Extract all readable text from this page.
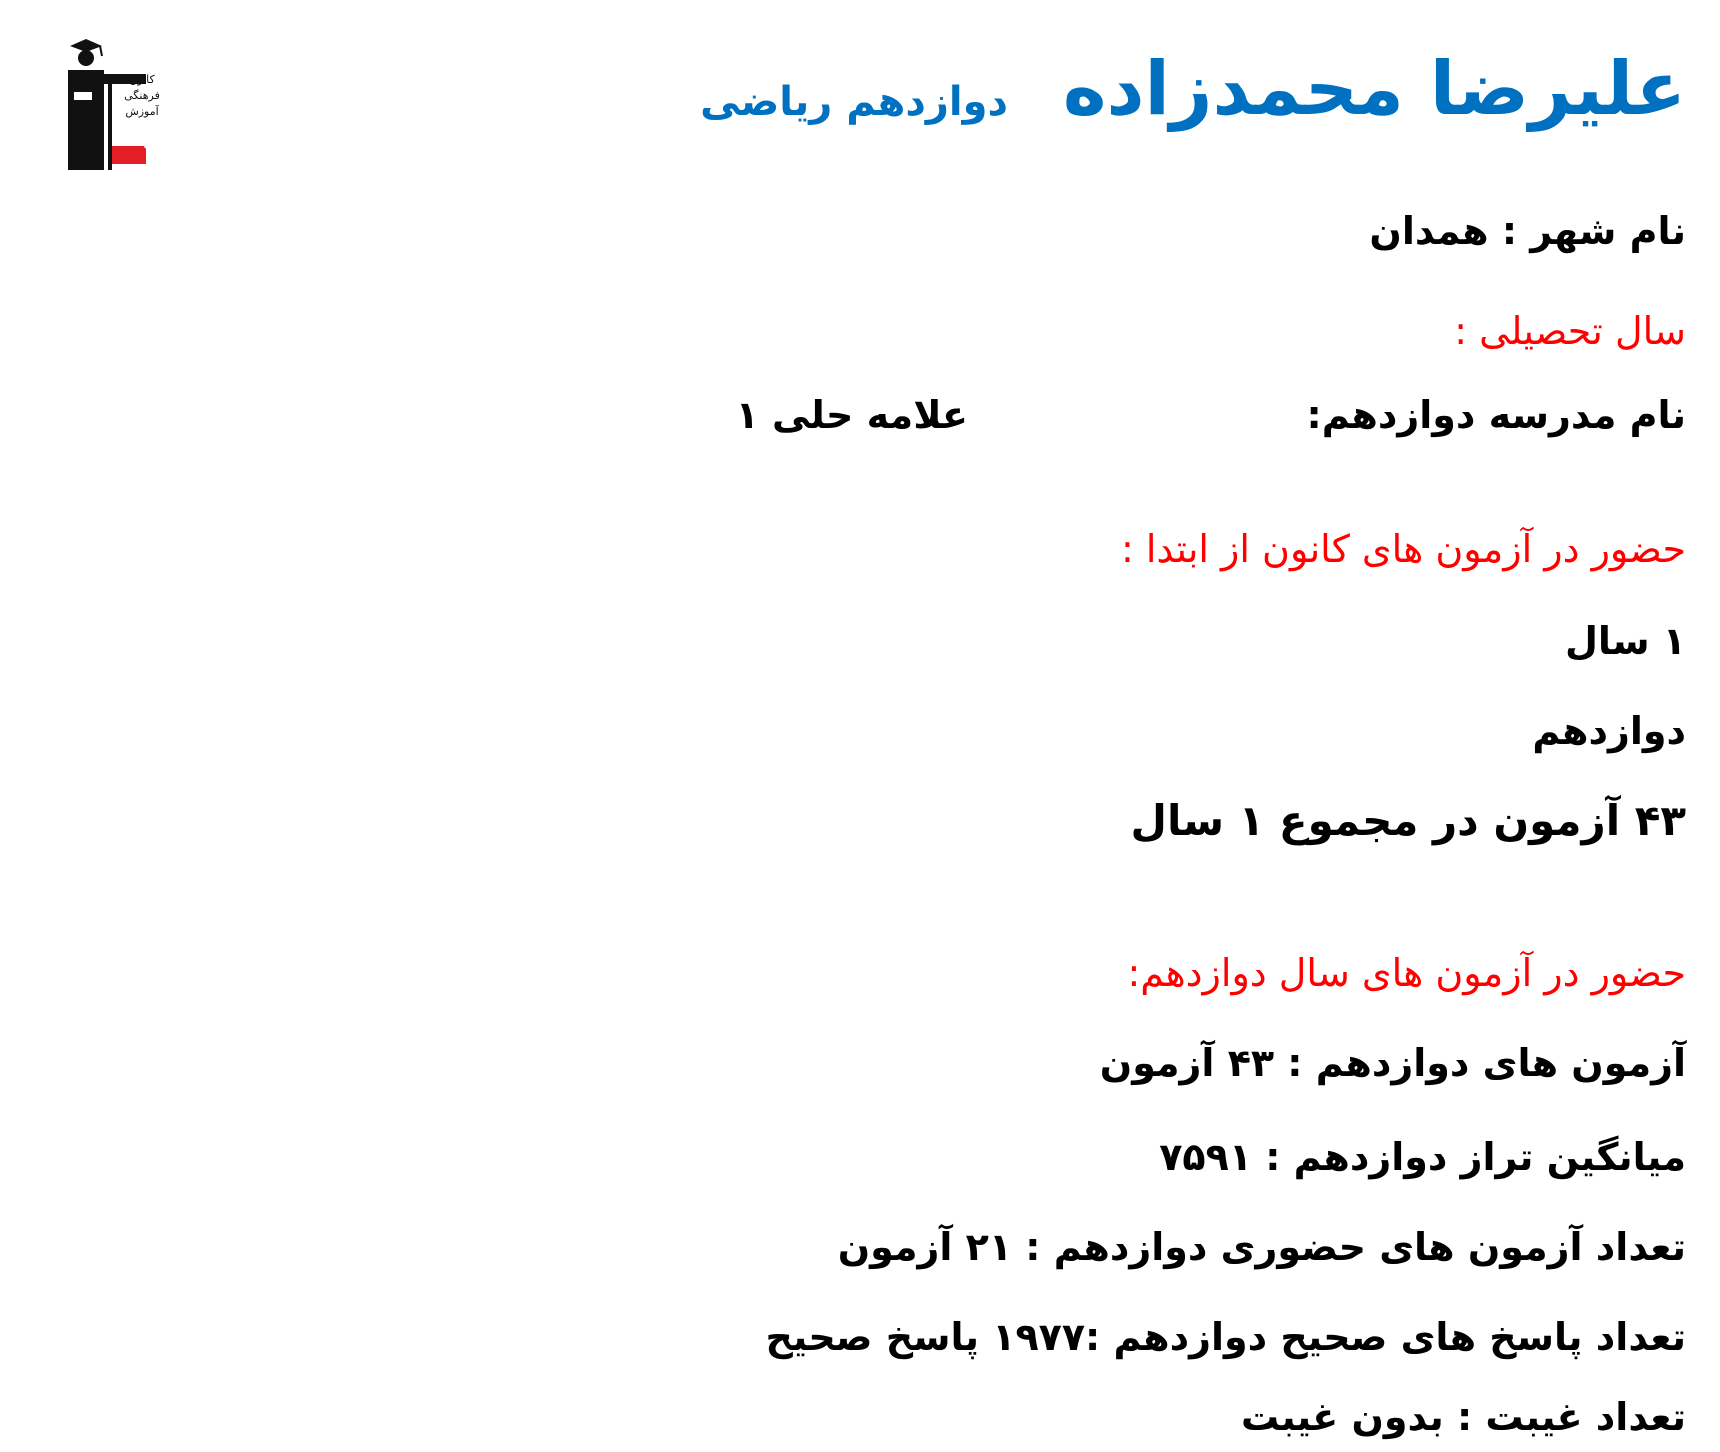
کانون
فرهنگی
آموزش
قلم چی
علیرضا محمدزاده
دوازدهم ریاضی
نام شهر : همدان
سال تحصیلی :
نام مدرسه دوازدهم:
علامه حلی ۱
حضور در آزمون های کانون از ابتدا :
۱ سال
دوازدهم
۴۳ آزمون در مجموع ۱ سال
حضور در آزمون های سال دوازدهم:
آزمون های دوازدهم : ۴۳ آزمون
میانگین تراز دوازدهم : ۷۵۹۱
تعداد آزمون های حضوری دوازدهم : ۲۱ آزمون
تعداد پاسخ های صحیح دوازدهم :۱۹۷۷ پاسخ صحیح
تعداد غیبت : بدون غیبت
